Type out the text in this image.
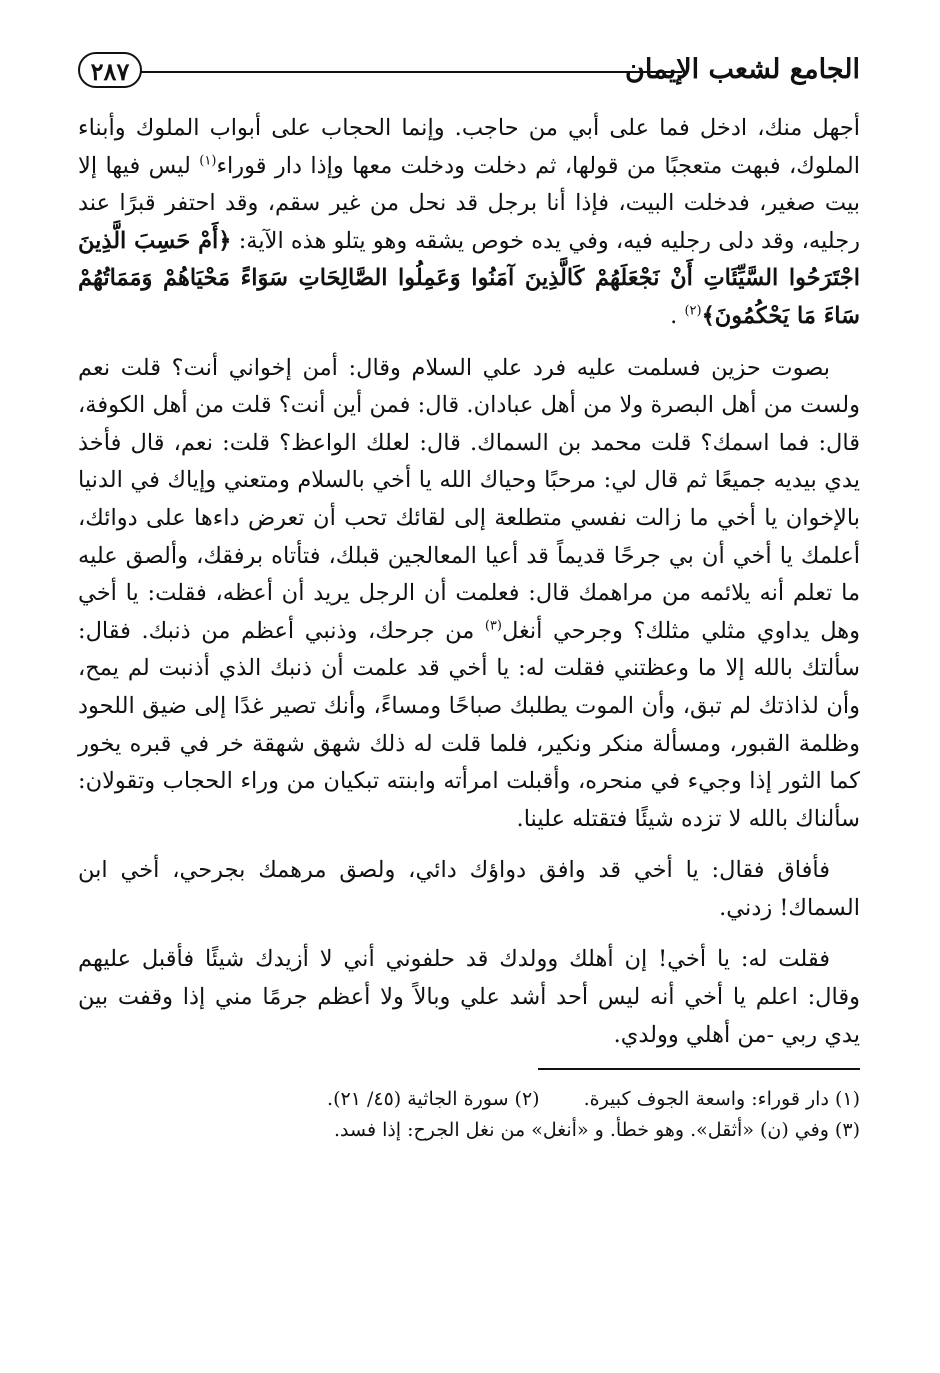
الجامع لشعب الإيمان
٢٨٧

أجهل منك، ادخل فما على أبي من حاجب. وإنما الحجاب على أبواب الملوك وأبناء الملوك، فبهت متعجبًا من قولها، ثم دخلت ودخلت معها وإذا دار قوراء$^{(١)}$ ليس فيها إلا بيت صغير، فدخلت البيت، فإذا أنا برجل قد نحل من غير سقم، وقد احتفر قبرًا عند رجليه، وقد دلى رجليه فيه، وفي يده خوص يشقه وهو يتلو هذه الآية: ﴿أَمْ حَسِبَ الَّذِينَ اجْتَرَحُوا السَّيِّئَاتِ أَنْ نَجْعَلَهُمْ كَالَّذِينَ آمَنُوا وَعَمِلُوا الصَّالِحَاتِ سَوَاءً مَحْيَاهُمْ وَمَمَاتُهُمْ سَاءَ مَا يَحْكُمُونَ﴾$^{(٢)}$ .

بصوت حزين فسلمت عليه فرد علي السلام وقال: أمن إخواني أنت؟ قلت نعم ولست من أهل البصرة ولا من أهل عبادان. قال: فمن أين أنت؟ قلت من أهل الكوفة، قال: فما اسمك؟ قلت محمد بن السماك. قال: لعلك الواعظ؟ قلت: نعم، قال فأخذ يدي بيديه جميعًا ثم قال لي: مرحبًا وحياك الله يا أخي بالسلام ومتعني وإياك في الدنيا بالإخوان يا أخي ما زالت نفسي متطلعة إلى لقائك تحب أن تعرض داءها على دوائك، أعلمك يا أخي أن بي جرحًا قديماً قد أعيا المعالجين قبلك، فتأتاه برفقك، وألصق عليه ما تعلم أنه يلائمه من مراهمك قال: فعلمت أن الرجل يريد أن أعظه، فقلت: يا أخي وهل يداوي مثلي مثلك؟ وجرحي أنغل$^{(٣)}$ من جرحك، وذنبي أعظم من ذنبك. فقال: سألتك بالله إلا ما وعظتني فقلت له: يا أخي قد علمت أن ذنبك الذي أذنبت لم يمح، وأن لذاذتك لم تبق، وأن الموت يطلبك صباحًا ومساءً، وأنك تصير غدًا إلى ضيق اللحود وظلمة القبور، ومسألة منكر ونكير، فلما قلت له ذلك شهق شهقة خر في قبره يخور كما الثور إذا وجيء في منحره، وأقبلت امرأته وابنته تبكيان من وراء الحجاب وتقولان: سألناك بالله لا تزده شيئًا فتقتله علينا.

فأفاق فقال: يا أخي قد وافق دواؤك دائي، ولصق مرهمك بجرحي، أخي ابن السماك! زدني.

فقلت له: يا أخي! إن أهلك وولدك قد حلفوني أني لا أزيدك شيئًا فأقبل عليهم وقال: اعلم يا أخي أنه ليس أحد أشد علي وبالاً ولا أعظم جرمًا مني إذا وقفت بين يدي ربي -من أهلي وولدي.

(١) دار قوراء: واسعة الجوف كبيرة.
(٢) سورة الجاثية (٤٥/ ٢١).
(٣) وفي (ن) «أثقل». وهو خطأ. و «أنغل» من نغل الجرح: إذا فسد.
